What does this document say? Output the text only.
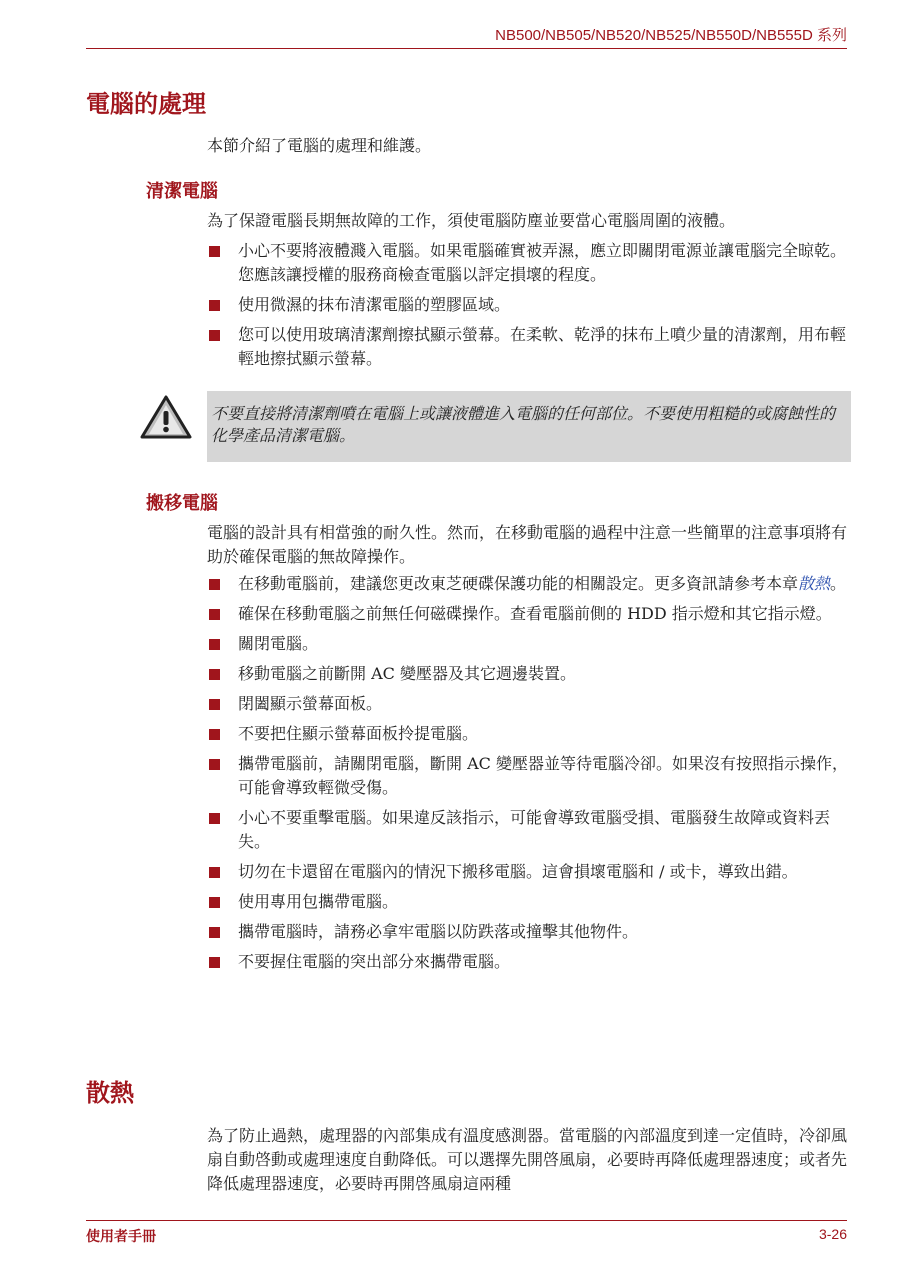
NB500/NB505/NB520/NB525/NB550D/NB555D 系列
電腦的處理
本節介紹了電腦的處理和維護。
清潔電腦
為了保證電腦長期無故障的工作，須使電腦防塵並要當心電腦周圍的液體。
小心不要將液體濺入電腦。如果電腦確實被弄濕，應立即關閉電源並讓電腦完全晾乾。您應該讓授權的服務商檢查電腦以評定損壞的程度。
使用微濕的抹布清潔電腦的塑膠區域。
您可以使用玻璃清潔劑擦拭顯示螢幕。在柔軟、乾淨的抹布上噴少量的清潔劑，用布輕輕地擦拭顯示螢幕。
不要直接將清潔劑噴在電腦上或讓液體進入電腦的任何部位。不要使用粗糙的或腐蝕性的化學產品清潔電腦。
搬移電腦
電腦的設計具有相當強的耐久性。然而，在移動電腦的過程中注意一些簡單的注意事項將有助於確保電腦的無故障操作。
在移動電腦前，建議您更改東芝硬碟保護功能的相關設定。更多資訊請參考本章散熱。
確保在移動電腦之前無任何磁碟操作。查看電腦前側的 HDD 指示燈和其它指示燈。
關閉電腦。
移動電腦之前斷開 AC 變壓器及其它週邊裝置。
閉闔顯示螢幕面板。
不要把住顯示螢幕面板拎提電腦。
攜帶電腦前，請關閉電腦，斷開 AC 變壓器並等待電腦冷卻。如果沒有按照指示操作，可能會導致輕微受傷。
小心不要重擊電腦。如果違反該指示，可能會導致電腦受損、電腦發生故障或資料丟失。
切勿在卡還留在電腦內的情況下搬移電腦。這會損壞電腦和 / 或卡，導致出錯。
使用專用包攜帶電腦。
攜帶電腦時，請務必拿牢電腦以防跌落或撞擊其他物件。
不要握住電腦的突出部分來攜帶電腦。
散熱
為了防止過熱，處理器的內部集成有溫度感測器。當電腦的內部溫度到達一定值時，冷卻風扇自動啓動或處理速度自動降低。可以選擇先開啓風扇，必要時再降低處理器速度；或者先降低處理器速度，必要時再開啓風扇這兩種
使用者手冊	3-26
